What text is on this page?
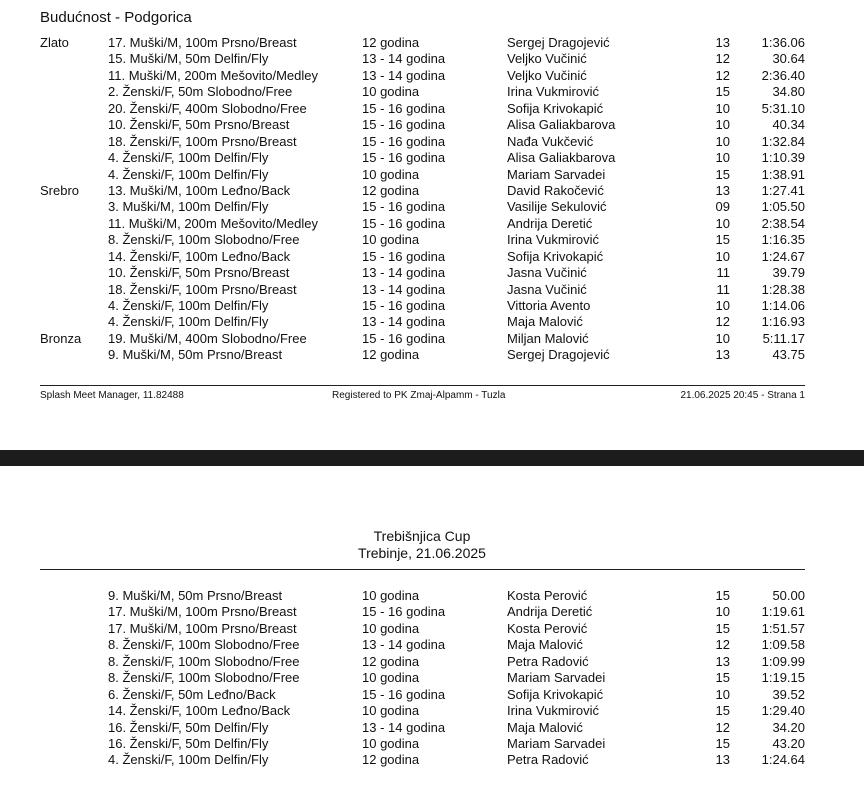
Budućnost - Podgorica
Zlato	17. Muški/M, 100m Prsno/Breast	12 godina	Sergej Dragojević	13	1:36.06
15. Muški/M, 50m Delfin/Fly	13 - 14 godina	Veljko Vučinić	12	30.64
11. Muški/M, 200m Mešovito/Medley	13 - 14 godina	Veljko Vučinić	12	2:36.40
2. Ženski/F, 50m Slobodno/Free	10 godina	Irina Vukmirović	15	34.80
20. Ženski/F, 400m Slobodno/Free	15 - 16 godina	Sofija Krivokapić	10	5:31.10
10. Ženski/F, 50m Prsno/Breast	15 - 16 godina	Alisa Galiakbarova	10	40.34
18. Ženski/F, 100m Prsno/Breast	15 - 16 godina	Nađa Vukčević	10	1:32.84
4. Ženski/F, 100m Delfin/Fly	15 - 16 godina	Alisa Galiakbarova	10	1:10.39
4. Ženski/F, 100m Delfin/Fly	10 godina	Mariam Sarvadei	15	1:38.91
Srebro 13. Muški/M, 100m Leđno/Back	12 godina	David Rakočević	13	1:27.41
3. Muški/M, 100m Delfin/Fly	15 - 16 godina	Vasilije Sekulović	09	1:05.50
11. Muški/M, 200m Mešovito/Medley	15 - 16 godina	Andrija Deretić	10	2:38.54
8. Ženski/F, 100m Slobodno/Free	10 godina	Irina Vukmirović	15	1:16.35
14. Ženski/F, 100m Leđno/Back	15 - 16 godina	Sofija Krivokapić	10	1:24.67
10. Ženski/F, 50m Prsno/Breast	13 - 14 godina	Jasna Vučinić	11	39.79
18. Ženski/F, 100m Prsno/Breast	13 - 14 godina	Jasna Vučinić	11	1:28.38
4. Ženski/F, 100m Delfin/Fly	15 - 16 godina	Vittoria Avento	10	1:14.06
4. Ženski/F, 100m Delfin/Fly	13 - 14 godina	Maja Malović	12	1:16.93
Bronza 19. Muški/M, 400m Slobodno/Free	15 - 16 godina	Miljan Malović	10	5:11.17
9. Muški/M, 50m Prsno/Breast	12 godina	Sergej Dragojević	13	43.75
Splash Meet Manager, 11.82488	Registered to PK Zmaj-Alpamm - Tuzla	21.06.2025 20:45 - Strana 1
Trebišnjica Cup
Trebinje, 21.06.2025
9. Muški/M, 50m Prsno/Breast	10 godina	Kosta Perović	15	50.00
17. Muški/M, 100m Prsno/Breast	15 - 16 godina	Andrija Deretić	10	1:19.61
17. Muški/M, 100m Prsno/Breast	10 godina	Kosta Perović	15	1:51.57
8. Ženski/F, 100m Slobodno/Free	13 - 14 godina	Maja Malović	12	1:09.58
8. Ženski/F, 100m Slobodno/Free	12 godina	Petra Radović	13	1:09.99
8. Ženski/F, 100m Slobodno/Free	10 godina	Mariam Sarvadei	15	1:19.15
6. Ženski/F, 50m Leđno/Back	15 - 16 godina	Sofija Krivokapić	10	39.52
14. Ženski/F, 100m Leđno/Back	10 godina	Irina Vukmirović	15	1:29.40
16. Ženski/F, 50m Delfin/Fly	13 - 14 godina	Maja Malović	12	34.20
16. Ženski/F, 50m Delfin/Fly	10 godina	Mariam Sarvadei	15	43.20
4. Ženski/F, 100m Delfin/Fly	12 godina	Petra Radović	13	1:24.64
